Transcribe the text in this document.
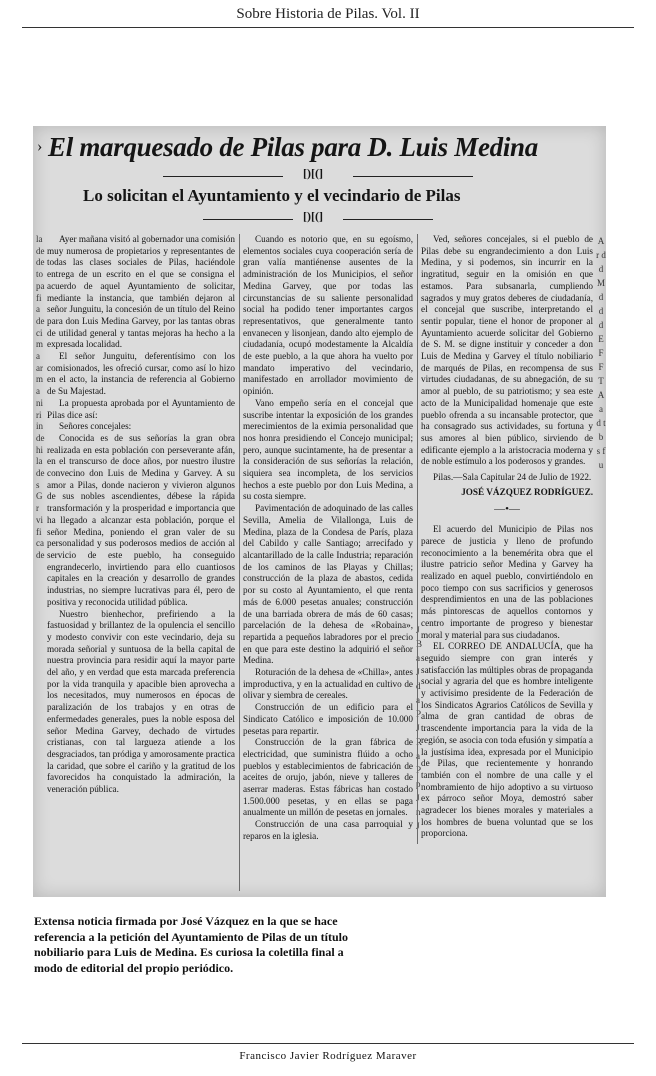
Sobre Historia de Pilas. Vol. II
› El marquesado de Pilas para D. Luis Medina
[)[(]
Lo solicitan el Ayuntamiento y el vecindario de Pilas
[)[(]
la de de to pa fia de ci ma ar ma ni ri in de hi la de s Gr vi fi ca de

Ayer mañana visitó al gobernador una comisión muy numerosa de propietarios y representantes de todas las clases sociales de Pilas, haciéndole entrega de un escrito en el que se consigna el acuerdo de aquel Ayuntamiento de solicitar, mediante la instancia, que también dejaron al señor Junguitu, la concesión de un título del Reino para don Luis Medina Garvey, por las tantas obras de utilidad general y tantas mejoras ha hecho a la expresada localidad.

El señor Junguitu, deferentísimo con los comisionados, les ofreció cursar, como así lo hizo en el acto, la instancia de referencia al Gobierno de Su Majestad.

La propuesta aprobada por el Ayuntamiento de Pilas dice así:

Señores concejales:

Conocida es de sus señorías la gran obra realizada en esta población con perseverante afán, en el transcurso de doce años, por nuestro ilustre convecino don Luis de Medina y Garvey. A su amor a Pilas, donde nacieron y vivieron algunos de sus nobles ascendientes, débese la rápida transformación y la prosperidad e importancia que ha llegado a alcanzar esta población, porque el señor Medina, poniendo el gran valer de su personalidad y sus poderosos medios de acción al servicio de este pueblo, ha conseguido engrandecerlo, invirtiendo para ello cuantiosos capitales en la creación y desarrollo de grandes industrias, no siempre lucrativas para él, pero de positiva y reconocida utilidad pública.

Nuestro bienhechor, prefiriendo a la fastuosidad y brillantez de la opulencia el sencillo y modesto convivir con este vecindario, deja su morada señorial y suntuosa de la bella capital de nuestra provincia para residir aquí la mayor parte del año, y en verdad que esta marcada preferencia por la vida tranquila y apacible bien aprovecha a los necesitados, muy numerosos en épocas de paralización de los trabajos y en otras de enfermedades generales, pues la noble esposa del señor Medina Garvey, dechado de virtudes cristianas, con tal largueza atiende a los desgraciados, tan pródiga y amorosamente practica la caridad, que sobre el cariño y la gratitud de los favorecidos ha conquistado la admiración, la veneración pública.

Cuando es notorio que, en su egoísmo, elementos sociales cuya cooperación sería de gran valía mantiénense ausentes de la administración de los Municipios, el señor Medina Garvey, que por todas las circunstancias de su saliente personalidad social ha podido tener importantes cargos representativos, que generalmente tanto envanecen y lisonjean, dando alto ejemplo de ciudadanía, ocupó modestamente la Alcaldía de este pueblo, a la que ahora ha vuelto por mandato imperativo del vecindario, manifestado en arrollador movimiento de opinión.

Vano empeño sería en el concejal que suscribe intentar la exposición de los grandes merecimientos de la eximia personalidad que nos honra presidiendo el Concejo municipal; pero, aunque sucintamente, ha de presentar a la consideración de sus señorías la relación, siquiera sea incompleta, de los servicios hechos a este pueblo por don Luis Medina, a su costa siempre.

Pavimentación de adoquinado de las calles Sevilla, Amelia de Vilallonga, Luis de Medina, plaza de la Condesa de París, plaza del Cabildo y calle Santiago; arrecifado y alcantarillado de la calle Industria; reparación de los caminos de las Playas y Chillas; construcción de la plaza de abastos, cedida por su costo al Ayuntamiento, el que renta más de 6.000 pesetas anuales; construcción de una barriada obrera de más de 60 casas; parcelación de la dehesa de «Robaina», repartida a pequeños labradores por el precio en que para este destino la adquirió el señor Medina.

Roturación de la dehesa de «Chilla», antes improductiva, y en la actualidad en cultivo de olivar y siembra de cereales.

Construcción de un edificio para el Sindicato Católico e imposición de 10.000 pesetas para repartir.

Construcción de la gran fábrica de electricidad, que suministra flúido a ocho pueblos y establecimientos de fabricación de aceites de orujo, jabón, nieve y talleres de aserrar maderas. Estas fábricas han costado 1.500.000 pesetas, y en ellas se paga anualmente un millón de pesetas en jornales.

Construcción de una casa parroquial y reparos en la iglesia.

J B a J d a P J R a P p J n J

Ved, señores concejales, si el pueblo de Pilas debe su engrandecimiento a don Luis Medina, y si podemos, sin incurrir en la ingratitud, seguir en la omisión en que estamos. Para subsanarla, cumpliendo sagrados y muy gratos deberes de ciudadanía, el concejal que suscribe, interpretando el sentir popular, tiene el honor de proponer al Ayuntamiento acuerde solicitar del Gobierno de S. M. se digne instituir y conceder a don Luis de Medina y Garvey el título nobiliario de marqués de Pilas, en recompensa de sus virtudes ciudadanas, de su abnegación, de su amor al pueblo, de su patriotismo; y sea este acto de la Municipalidad homenaje que este pueblo ofrenda a su incansable protector, que ha consagrado sus actividades, su fortuna y sus amores al bien público, sirviendo de edificante ejemplo a la aristocracia moderna y de noble estímulo a los poderosos y grandes.

Pilas.—Sala Capitular 24 de Julio de 1922.

JOSÉ VÁZQUEZ RODRÍGUEZ.

—•—

El acuerdo del Municipio de Pilas nos parece de justicia y lleno de profundo reconocimiento a la benemérita obra que el ilustre patricio señor Medina y Garvey ha realizado en aquel pueblo, convirtiéndolo en poco tiempo con sus sacrificios y generosos desprendimientos en una de las poblaciones más pintorescas de aquellos contornos y centro importante de progreso y bienestar moral y material para sus ciudadanos.

EL CORREO DE ANDALUCÍA, que ha seguido siempre con gran interés y satisfacción las múltiples obras de propaganda social y agraria del que es hombre inteligente y activísimo presidente de la Federación de los Sindicatos Agrarios Católicos de Sevilla y alma de gran cantidad de obras de trascendente importancia para la vida de la región, se asocia con toda efusión y simpatía a la justísima idea, expresada por el Municipio de Pilas, que recientemente y honrando también con el nombre de una calle y el nombramiento de hijo adoptivo a su virtuoso ex párroco señor Moya, demostró saber agradecer los bienes morales y materiales a los hombres de buena voluntad que se los proporciona.

A r d d M d d d E F F T A a d t b s f u
Extensa noticia firmada por José Vázquez en la que se hace referencia a la petición del Ayuntamiento de Pilas de un título nobiliario para Luis de Medina. Es curiosa la coletilla final a modo de editorial del propio periódico.
Francisco Javier Rodríguez Maraver
